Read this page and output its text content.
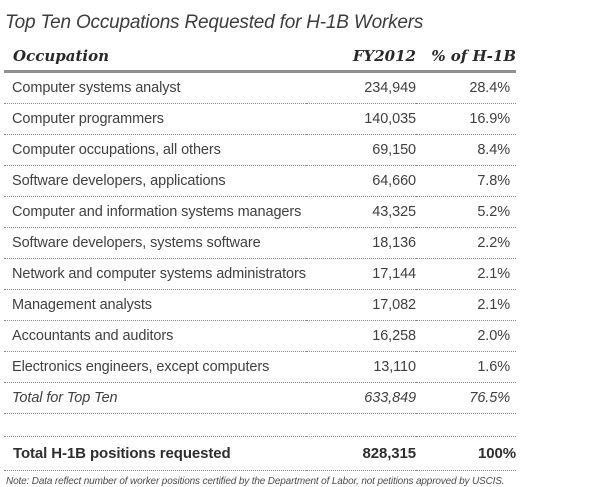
Top Ten Occupations Requested for H-1B Workers
Occupation	FY2012	% of H-1B
Computer systems analyst	234,949	28.4%
Computer programmers	140,035	16.9%
Computer occupations, all others	69,150	8.4%
Software developers, applications	64,660	7.8%
Computer and information systems managers	43,325	5.2%
Software developers, systems software	18,136	2.2%
Network and computer systems administrators	17,144	2.1%
Management analysts	17,082	2.1%
Accountants and auditors	16,258	2.0%
Electronics engineers, except computers	13,110	1.6%
Total for Top Ten	633,849	76.5%

Total H-1B positions requested	828,315	100%

Note: Data reflect number of worker positions certified by the Department of Labor, not petitions approved by USCIS.
